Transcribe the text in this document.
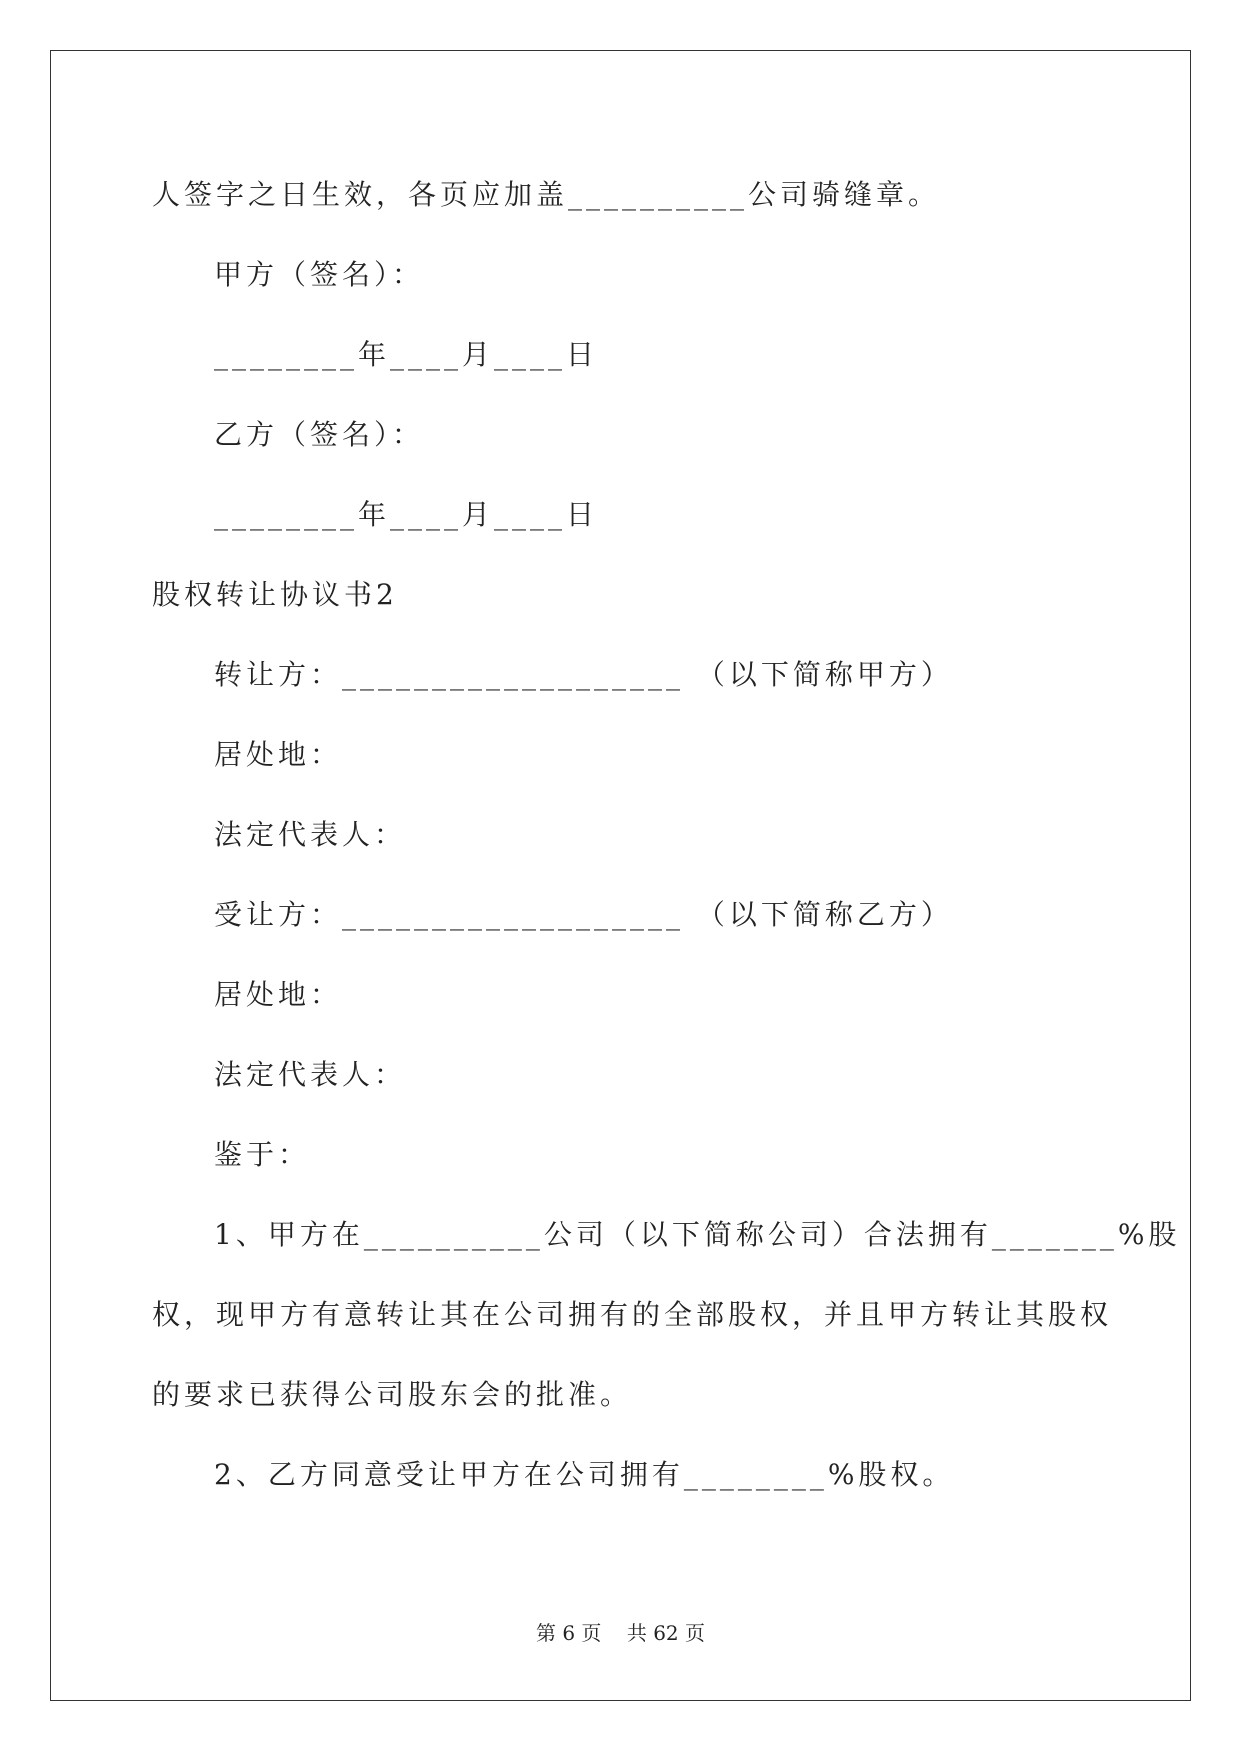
人签字之日生效，各页应加盖__________公司骑缝章。
甲方（签名）：
________年____月____日
乙方（签名）：
________年____月____日
股权转让协议书2
转让方：___________________ （以下简称甲方）
居处地：
法定代表人：
受让方：___________________ （以下简称乙方）
居处地：
法定代表人：
鉴于：
1、甲方在__________公司（以下简称公司）合法拥有_______%股
权，现甲方有意转让其在公司拥有的全部股权，并且甲方转让其股权
的要求已获得公司股东会的批准。
2、乙方同意受让甲方在公司拥有________%股权。
第 6 页    共 62 页
